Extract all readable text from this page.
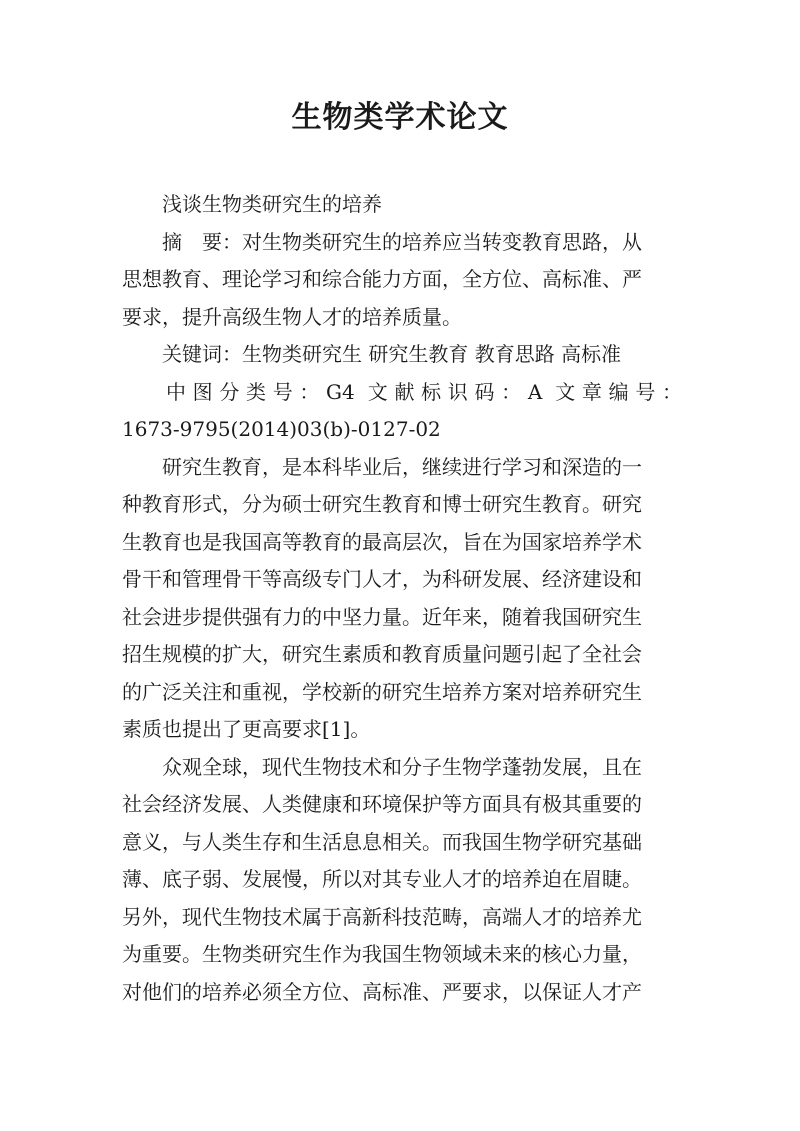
生物类学术论文
浅谈生物类研究生的培养
摘　要：对生物类研究生的培养应当转变教育思路，从
思想教育、理论学习和综合能力方面，全方位、高标准、严
要求，提升高级生物人才的培养质量。
关键词：生物类研究生 研究生教育 教育思路 高标准
中图分类号：G4 文献标识码：A 文章编号：
1673-9795(2014)03(b)-0127-02
研究生教育，是本科毕业后，继续进行学习和深造的一
种教育形式，分为硕士研究生教育和博士研究生教育。研究
生教育也是我国高等教育的最高层次，旨在为国家培养学术
骨干和管理骨干等高级专门人才，为科研发展、经济建设和
社会进步提供强有力的中坚力量。近年来，随着我国研究生
招生规模的扩大，研究生素质和教育质量问题引起了全社会
的广泛关注和重视，学校新的研究生培养方案对培养研究生
素质也提出了更高要求[1]。
众观全球，现代生物技术和分子生物学蓬勃发展，且在
社会经济发展、人类健康和环境保护等方面具有极其重要的
意义，与人类生存和生活息息相关。而我国生物学研究基础
薄、底子弱、发展慢，所以对其专业人才的培养迫在眉睫。
另外，现代生物技术属于高新科技范畴，高端人才的培养尤
为重要。生物类研究生作为我国生物领域未来的核心力量，
对他们的培养必须全方位、高标准、严要求，以保证人才产
